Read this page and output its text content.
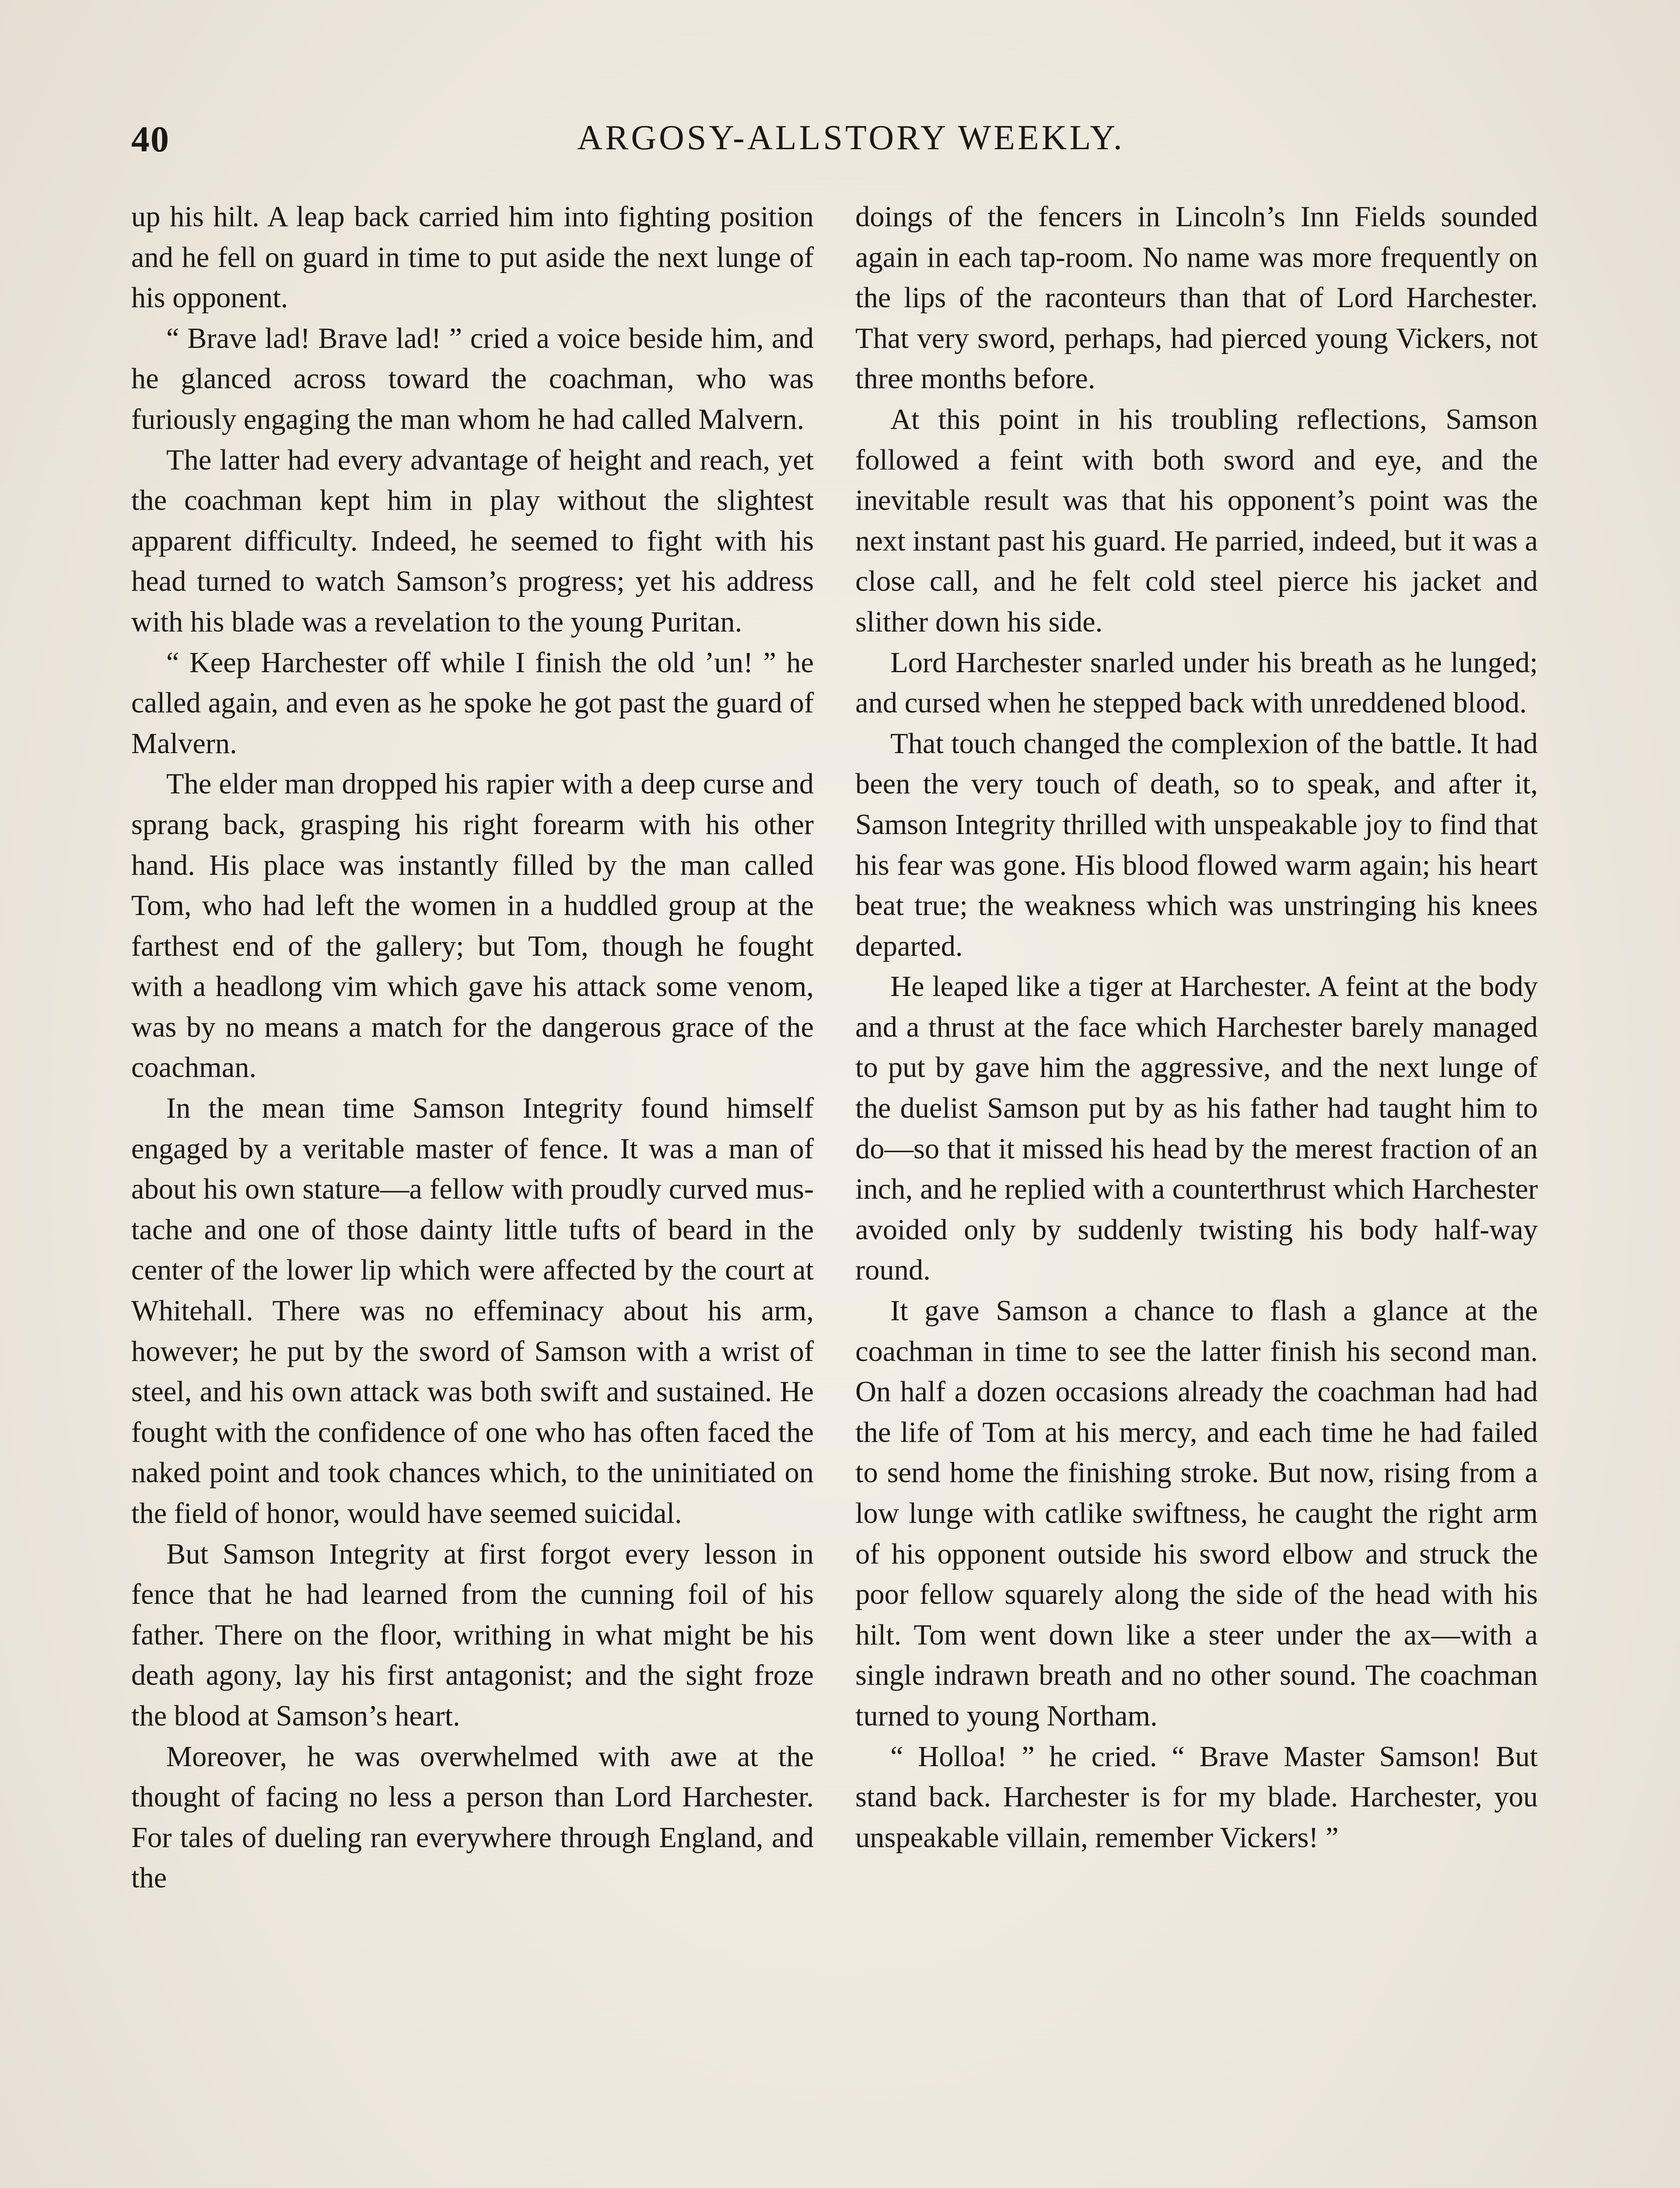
40	ARGOSY-ALLSTORY WEEKLY.

up his hilt. A leap back carried him into fighting position and he fell on guard in time to put aside the next lunge of his opponent.

“ Brave lad! Brave lad! ” cried a voice beside him, and he glanced across toward the coachman, who was furiously engaging the man whom he had called Malvern.

The latter had every advantage of height and reach, yet the coachman kept him in play without the slightest apparent difficulty. Indeed, he seemed to fight with his head turned to watch Samson’s progress; yet his address with his blade was a revelation to the young Puritan.

“ Keep Harchester off while I finish the old ’un! ” he called again, and even as he spoke he got past the guard of Malvern.

The elder man dropped his rapier with a deep curse and sprang back, grasping his right forearm with his other hand. His place was instantly filled by the man called Tom, who had left the women in a huddled group at the farthest end of the gallery; but Tom, though he fought with a headlong vim which gave his attack some venom, was by no means a match for the dangerous grace of the coachman.

In the mean time Samson Integrity found himself engaged by a veritable master of fence. It was a man of about his own stature—a fellow with proudly curved mustache and one of those dainty little tufts of beard in the center of the lower lip which were affected by the court at Whitehall. There was no effeminacy about his arm, however; he put by the sword of Samson with a wrist of steel, and his own attack was both swift and sustained. He fought with the confidence of one who has often faced the naked point and took chances which, to the uninitiated on the field of honor, would have seemed suicidal.

But Samson Integrity at first forgot every lesson in fence that he had learned from the cunning foil of his father. There on the floor, writhing in what might be his death agony, lay his first antagonist; and the sight froze the blood at Samson’s heart.

Moreover, he was overwhelmed with awe at the thought of facing no less a person than Lord Harchester. For tales of dueling ran everywhere through England, and the

doings of the fencers in Lincoln’s Inn Fields sounded again in each tap-room. No name was more frequently on the lips of the raconteurs than that of Lord Harchester. That very sword, perhaps, had pierced young Vickers, not three months before.

At this point in his troubling reflections, Samson followed a feint with both sword and eye, and the inevitable result was that his opponent’s point was the next instant past his guard. He parried, indeed, but it was a close call, and he felt cold steel pierce his jacket and slither down his side.

Lord Harchester snarled under his breath as he lunged; and cursed when he stepped back with unreddened blood.

That touch changed the complexion of the battle. It had been the very touch of death, so to speak, and after it, Samson Integrity thrilled with unspeakable joy to find that his fear was gone. His blood flowed warm again; his heart beat true; the weakness which was unstringing his knees departed.

He leaped like a tiger at Harchester. A feint at the body and a thrust at the face which Harchester barely managed to put by gave him the aggressive, and the next lunge of the duelist Samson put by as his father had taught him to do—so that it missed his head by the merest fraction of an inch, and he replied with a counterthrust which Harchester avoided only by suddenly twisting his body half-way round.

It gave Samson a chance to flash a glance at the coachman in time to see the latter finish his second man. On half a dozen occasions already the coachman had had the life of Tom at his mercy, and each time he had failed to send home the finishing stroke. But now, rising from a low lunge with catlike swiftness, he caught the right arm of his opponent outside his sword elbow and struck the poor fellow squarely along the side of the head with his hilt. Tom went down like a steer under the ax—with a single indrawn breath and no other sound. The coachman turned to young Northam.

“ Holloa! ” he cried. “ Brave Master Samson! But stand back. Harchester is for my blade. Harchester, you unspeakable villain, remember Vickers! ”
